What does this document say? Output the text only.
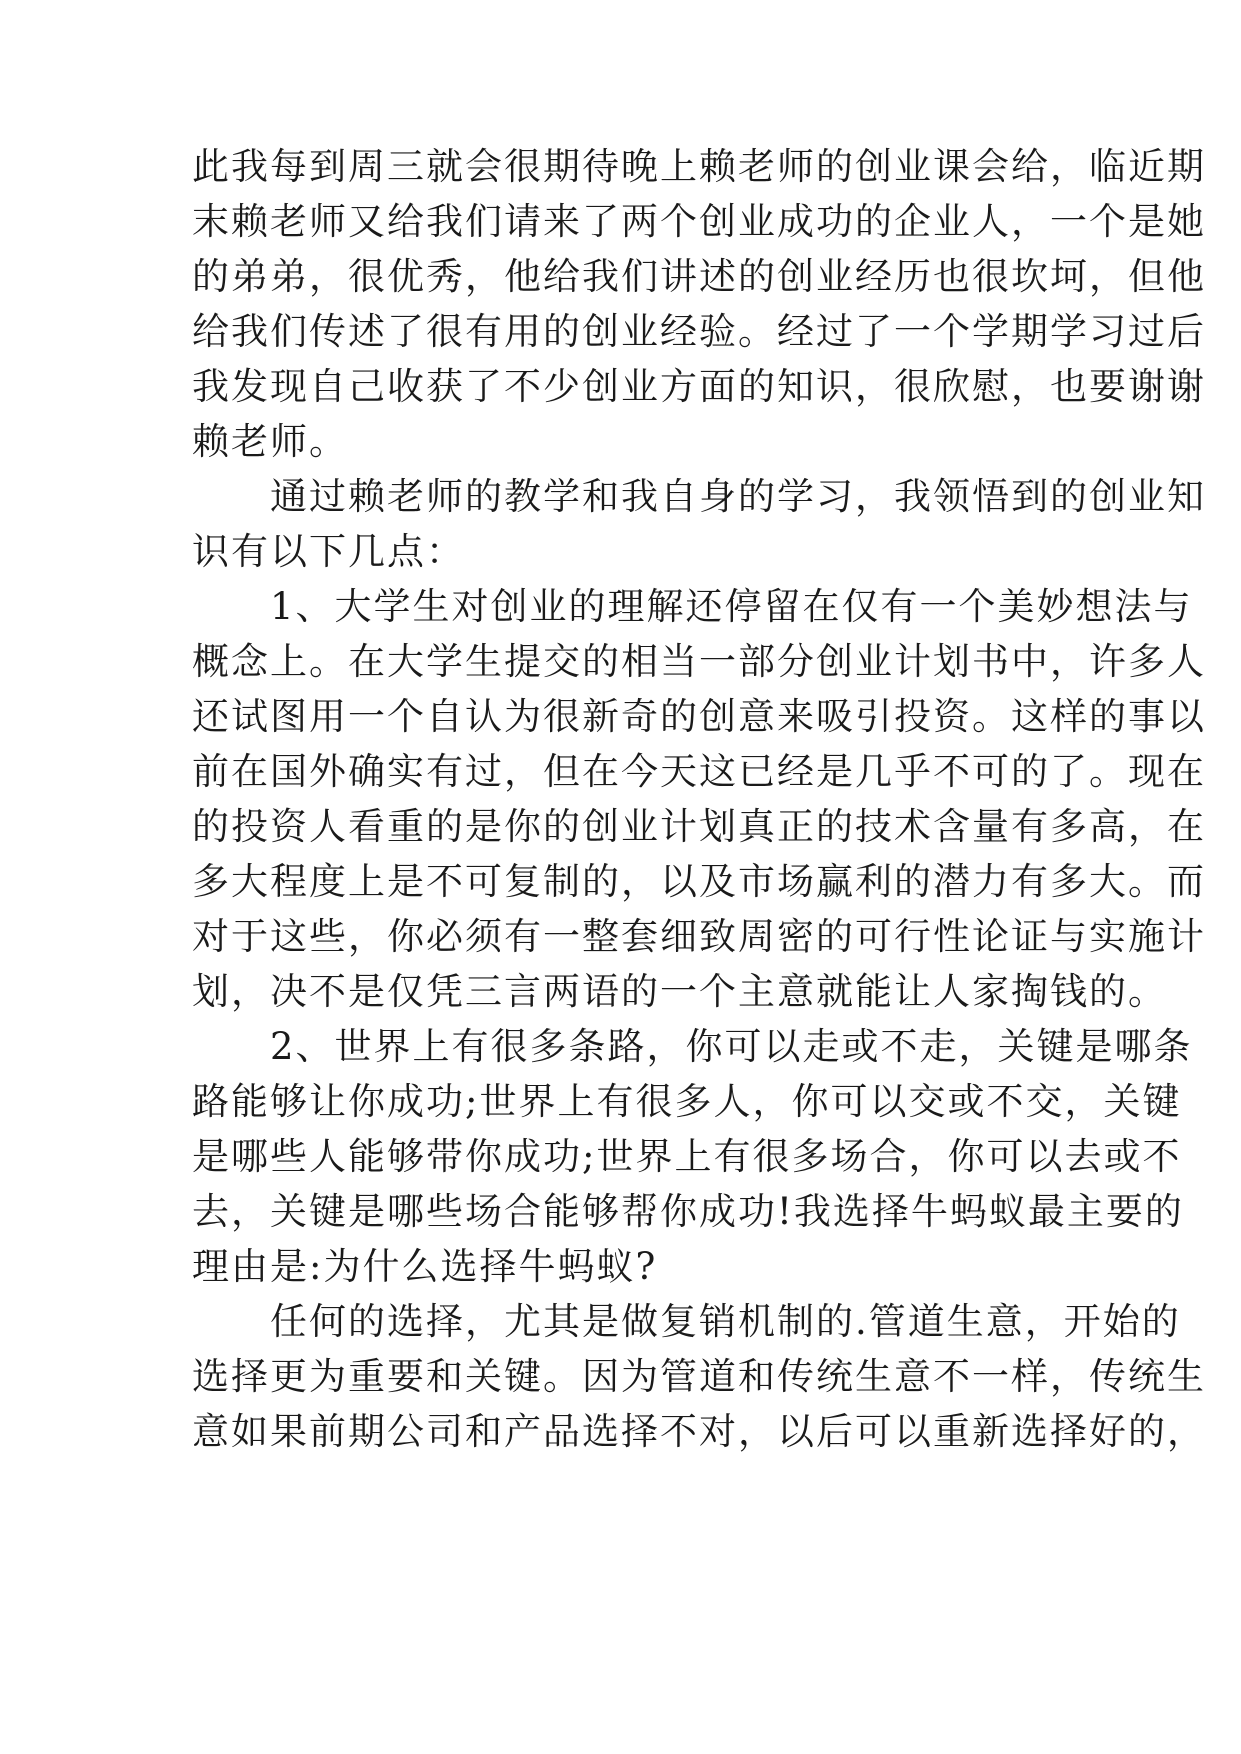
此我每到周三就会很期待晚上赖老师的创业课会给，临近期
末赖老师又给我们请来了两个创业成功的企业人，一个是她
的弟弟，很优秀，他给我们讲述的创业经历也很坎坷，但他
给我们传述了很有用的创业经验。经过了一个学期学习过后
我发现自己收获了不少创业方面的知识，很欣慰，也要谢谢
赖老师。
　　通过赖老师的教学和我自身的学习，我领悟到的创业知
识有以下几点：
　　1、大学生对创业的理解还停留在仅有一个美妙想法与
概念上。在大学生提交的相当一部分创业计划书中，许多人
还试图用一个自认为很新奇的创意来吸引投资。这样的事以
前在国外确实有过，但在今天这已经是几乎不可的了。现在
的投资人看重的是你的创业计划真正的技术含量有多高，在
多大程度上是不可复制的，以及市场赢利的潜力有多大。而
对于这些，你必须有一整套细致周密的可行性论证与实施计
划，决不是仅凭三言两语的一个主意就能让人家掏钱的。
　　2、世界上有很多条路，你可以走或不走，关键是哪条
路能够让你成功;世界上有很多人，你可以交或不交，关键
是哪些人能够带你成功;世界上有很多场合，你可以去或不
去，关键是哪些场合能够帮你成功!我选择牛蚂蚁最主要的
理由是:为什么选择牛蚂蚁?
　　任何的选择，尤其是做复销机制的.管道生意，开始的
选择更为重要和关键。因为管道和传统生意不一样，传统生
意如果前期公司和产品选择不对，以后可以重新选择好的，
